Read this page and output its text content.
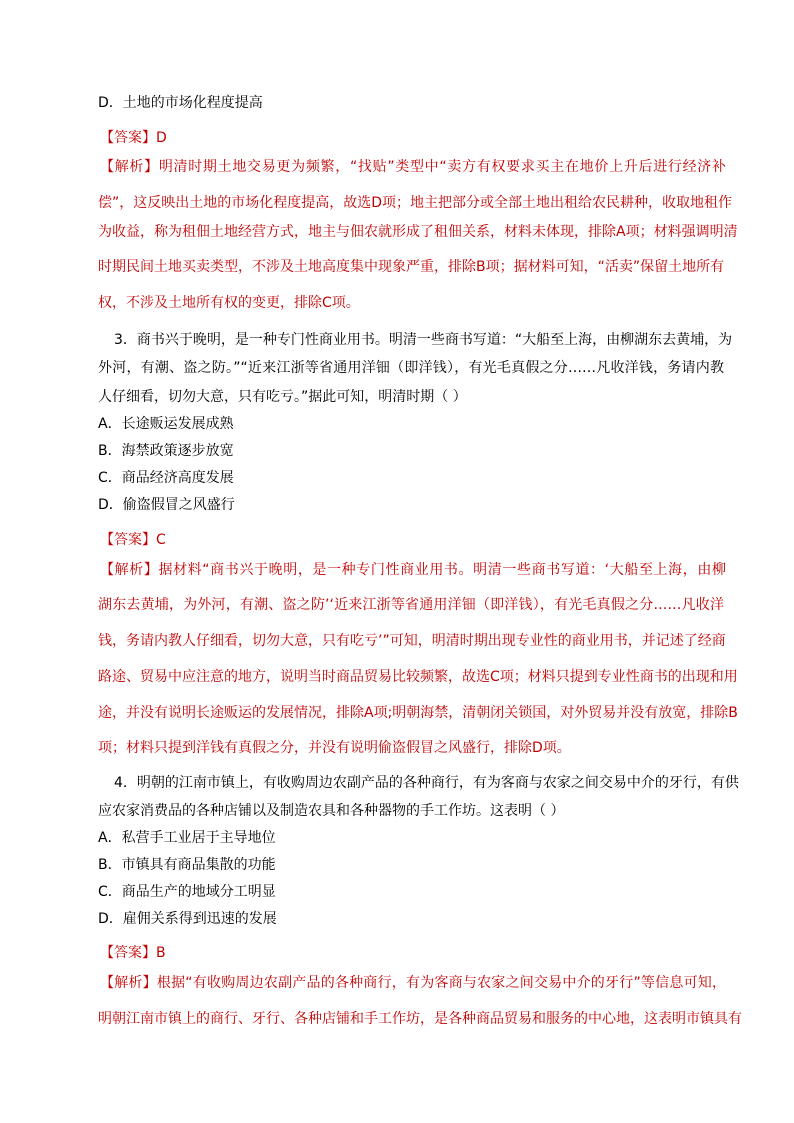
D．土地的市场化程度提高
【答案】D
【解析】明清时期土地交易更为频繁，“找贴”类型中“卖方有权要求买主在地价上升后进行经济补
偿”，这反映出土地的市场化程度提高，故选D项；地主把部分或全部土地出租给农民耕种，收取地租作
为收益，称为租佃土地经营方式，地主与佃农就形成了租佃关系，材料未体现，排除A项；材料强调明清
时期民间土地买卖类型，不涉及土地高度集中现象严重，排除B项；据材料可知，“活卖”保留土地所有
权，不涉及土地所有权的变更，排除C项。
3．商书兴于晚明，是一种专门性商业用书。明清一些商书写道：“大船至上海，由柳湖东去黄埔，为
外河，有潮、盗之防。”“近来江浙等省通用洋钿（即洋钱），有光毛真假之分……凡收洋钱，务请内教
人仔细看，切勿大意，只有吃亏。”据此可知，明清时期（ ）
A．长途贩运发展成熟
B．海禁政策逐步放宽
C．商品经济高度发展
D．偷盗假冒之风盛行
【答案】C
【解析】据材料“商书兴于晚明，是一种专门性商业用书。明清一些商书写道：‘大船至上海，由柳
湖东去黄埔，为外河，有潮、盗之防’‘近来江浙等省通用洋钿（即洋钱），有光毛真假之分……凡收洋
钱，务请内教人仔细看，切勿大意，只有吃亏’”可知，明清时期出现专业性的商业用书，并记述了经商
路途、贸易中应注意的地方，说明当时商品贸易比较频繁，故选C项；材料只提到专业性商书的出现和用
途，并没有说明长途贩运的发展情况，排除A项;明朝海禁，清朝闭关锁国，对外贸易并没有放宽，排除B
项；材料只提到洋钱有真假之分，并没有说明偷盗假冒之风盛行，排除D项。
4．明朝的江南市镇上，有收购周边农副产品的各种商行，有为客商与农家之间交易中介的牙行，有供
应农家消费品的各种店铺以及制造农具和各种器物的手工作坊。这表明（ ）
A．私营手工业居于主导地位
B．市镇具有商品集散的功能
C．商品生产的地域分工明显
D．雇佣关系得到迅速的发展
【答案】B
【解析】根据“有收购周边农副产品的各种商行，有为客商与农家之间交易中介的牙行”等信息可知，
明朝江南市镇上的商行、牙行、各种店铺和手工作坊，是各种商品贸易和服务的中心地，这表明市镇具有
